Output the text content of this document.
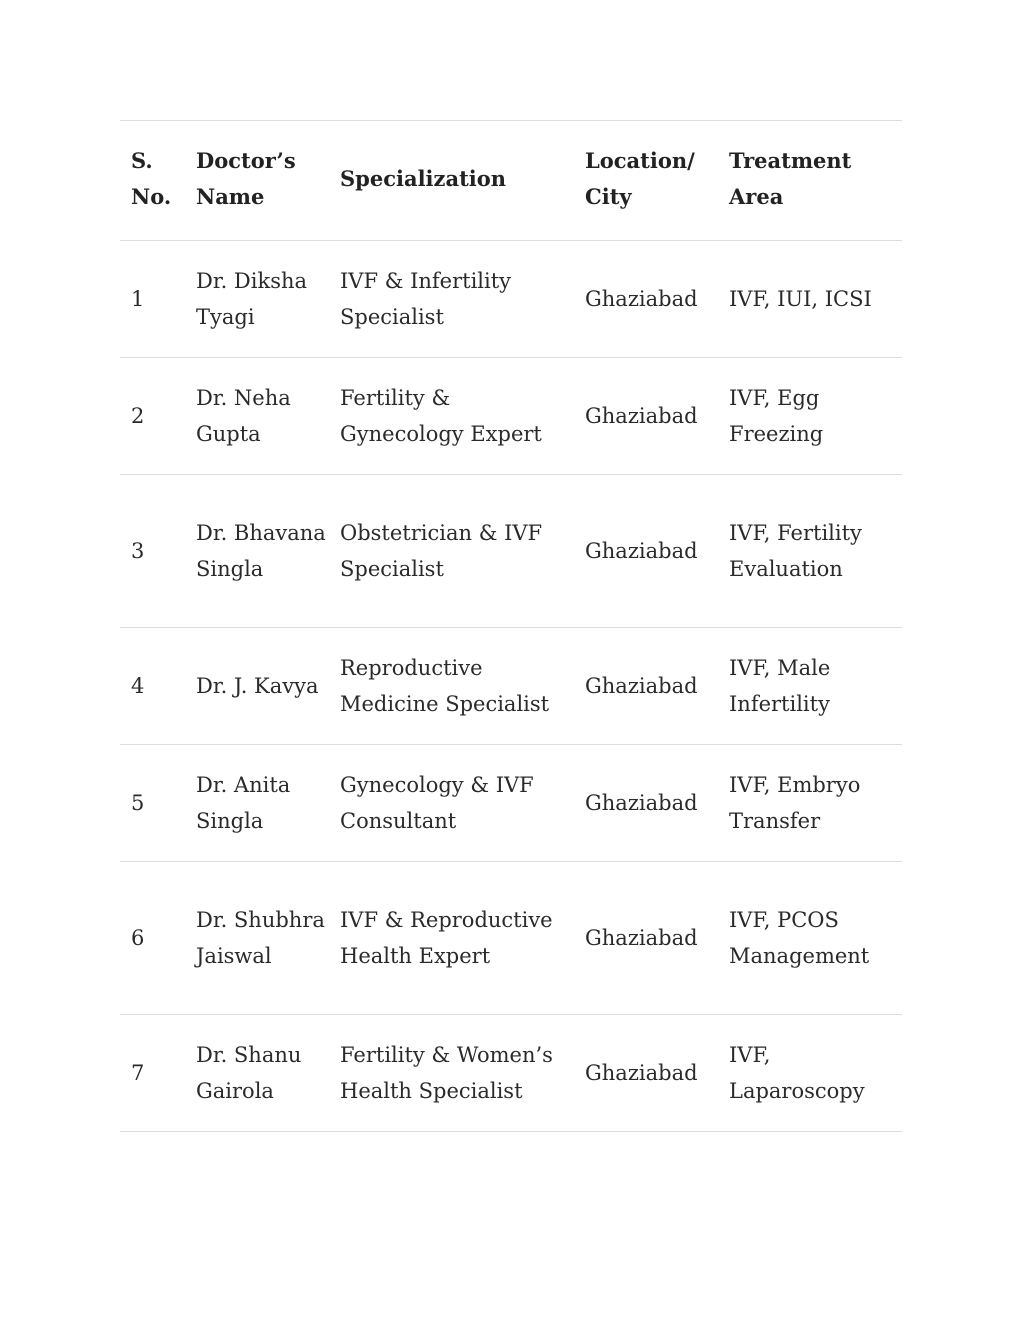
S. No.	Doctor’s Name	Specialization	Location/ City	Treatment Area
1	Dr. Diksha Tyagi	IVF & Infertility Specialist	Ghaziabad	IVF, IUI, ICSI
2	Dr. Neha Gupta	Fertility & Gynecology Expert	Ghaziabad	IVF, Egg Freezing
3	Dr. Bhavana Singla	Obstetrician & IVF Specialist	Ghaziabad	IVF, Fertility Evaluation
4	Dr. J. Kavya	Reproductive Medicine Specialist	Ghaziabad	IVF, Male Infertility
5	Dr. Anita Singla	Gynecology & IVF Consultant	Ghaziabad	IVF, Embryo Transfer
6	Dr. Shubhra Jaiswal	IVF & Reproductive Health Expert	Ghaziabad	IVF, PCOS Management
7	Dr. Shanu Gairola	Fertility & Women’s Health Specialist	Ghaziabad	IVF, Laparoscopy
